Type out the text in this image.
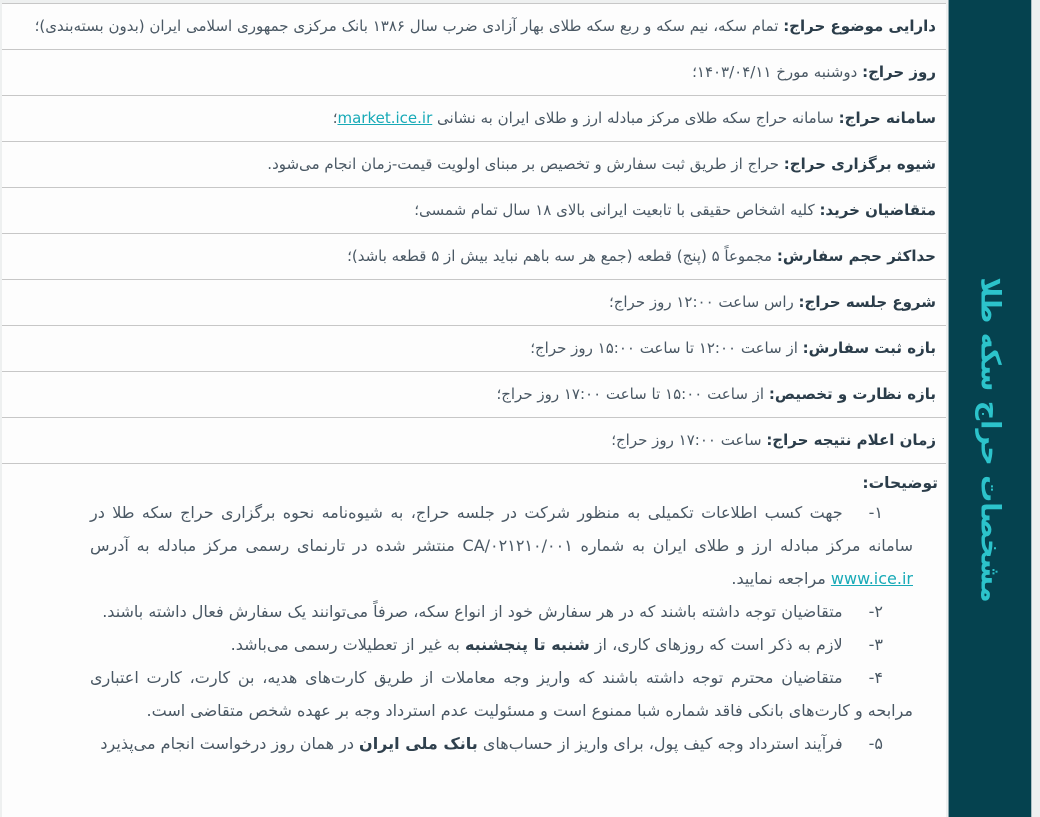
دارایی موضوع حراج: تمام سکه، نیم سکه و ربع سکه طلای بهار آزادی ضرب سال ۱۳۸۶ بانک مرکزی جمهوری اسلامی ایران (بدون بسته‌بندی)؛
روز حراج: دوشنبه مورخ ۱۴۰۳/۰۴/۱۱؛
سامانه حراج: سامانه حراج سکه طلای مرکز مبادله ارز و طلای ایران به نشانی market.ice.ir؛
شیوه برگزاری حراج: حراج از طریق ثبت سفارش و تخصیص بر مبنای اولویت قیمت-زمان انجام می‌شود.
متقاضیان خرید: کلیه اشخاص حقیقی با تابعیت ایرانی بالای ۱۸ سال تمام شمسی؛
حداکثر حجم سفارش: مجموعاً ۵ (پنج) قطعه (جمع هر سه باهم نباید بیش از ۵ قطعه باشد)؛
شروع جلسه حراج: راس ساعت ۱۲:۰۰ روز حراج؛
بازه ثبت سفارش: از ساعت ۱۲:۰۰ تا ساعت ۱۵:۰۰ روز حراج؛
بازه نظارت و تخصیص: از ساعت ۱۵:۰۰ تا ساعت ۱۷:۰۰ روز حراج؛
زمان اعلام نتیجه حراج: ساعت ۱۷:۰۰ روز حراج؛
توضیحات:
۱-جهت کسب اطلاعات تکمیلی به منظور شرکت در جلسه حراج، به شیوه‌نامه نحوه برگزاری حراج سکه طلا در سامانه مرکز مبادله ارز و طلای ایران به شماره CA/۰۲۱۲۱۰/۰۰۱ منتشر شده در تارنمای رسمی مرکز مبادله به آدرس www.ice.ir مراجعه نمایید.
۲-متقاضیان توجه داشته باشند که در هر سفارش خود از انواع سکه، صرفاً می‌توانند یک سفارش فعال داشته باشند.
۳-لازم به ذکر است که روزهای کاری، از شنبه تا پنجشنبه به غیر از تعطیلات رسمی می‌باشد.
۴-متقاضیان محترم توجه داشته باشند که واریز وجه معاملات از طریق کارت‌های هدیه، بن کارت، کارت اعتباری مرابحه و کارت‌های بانکی فاقد شماره شبا ممنوع است و مسئولیت عدم استرداد وجه بر عهده شخص متقاضی است.
۵-فرآیند استرداد وجه کیف پول، برای واریز از حساب‌های بانک ملی ایران در همان روز درخواست انجام می‌پذیرد
مشخصات حراج سکه طلا
